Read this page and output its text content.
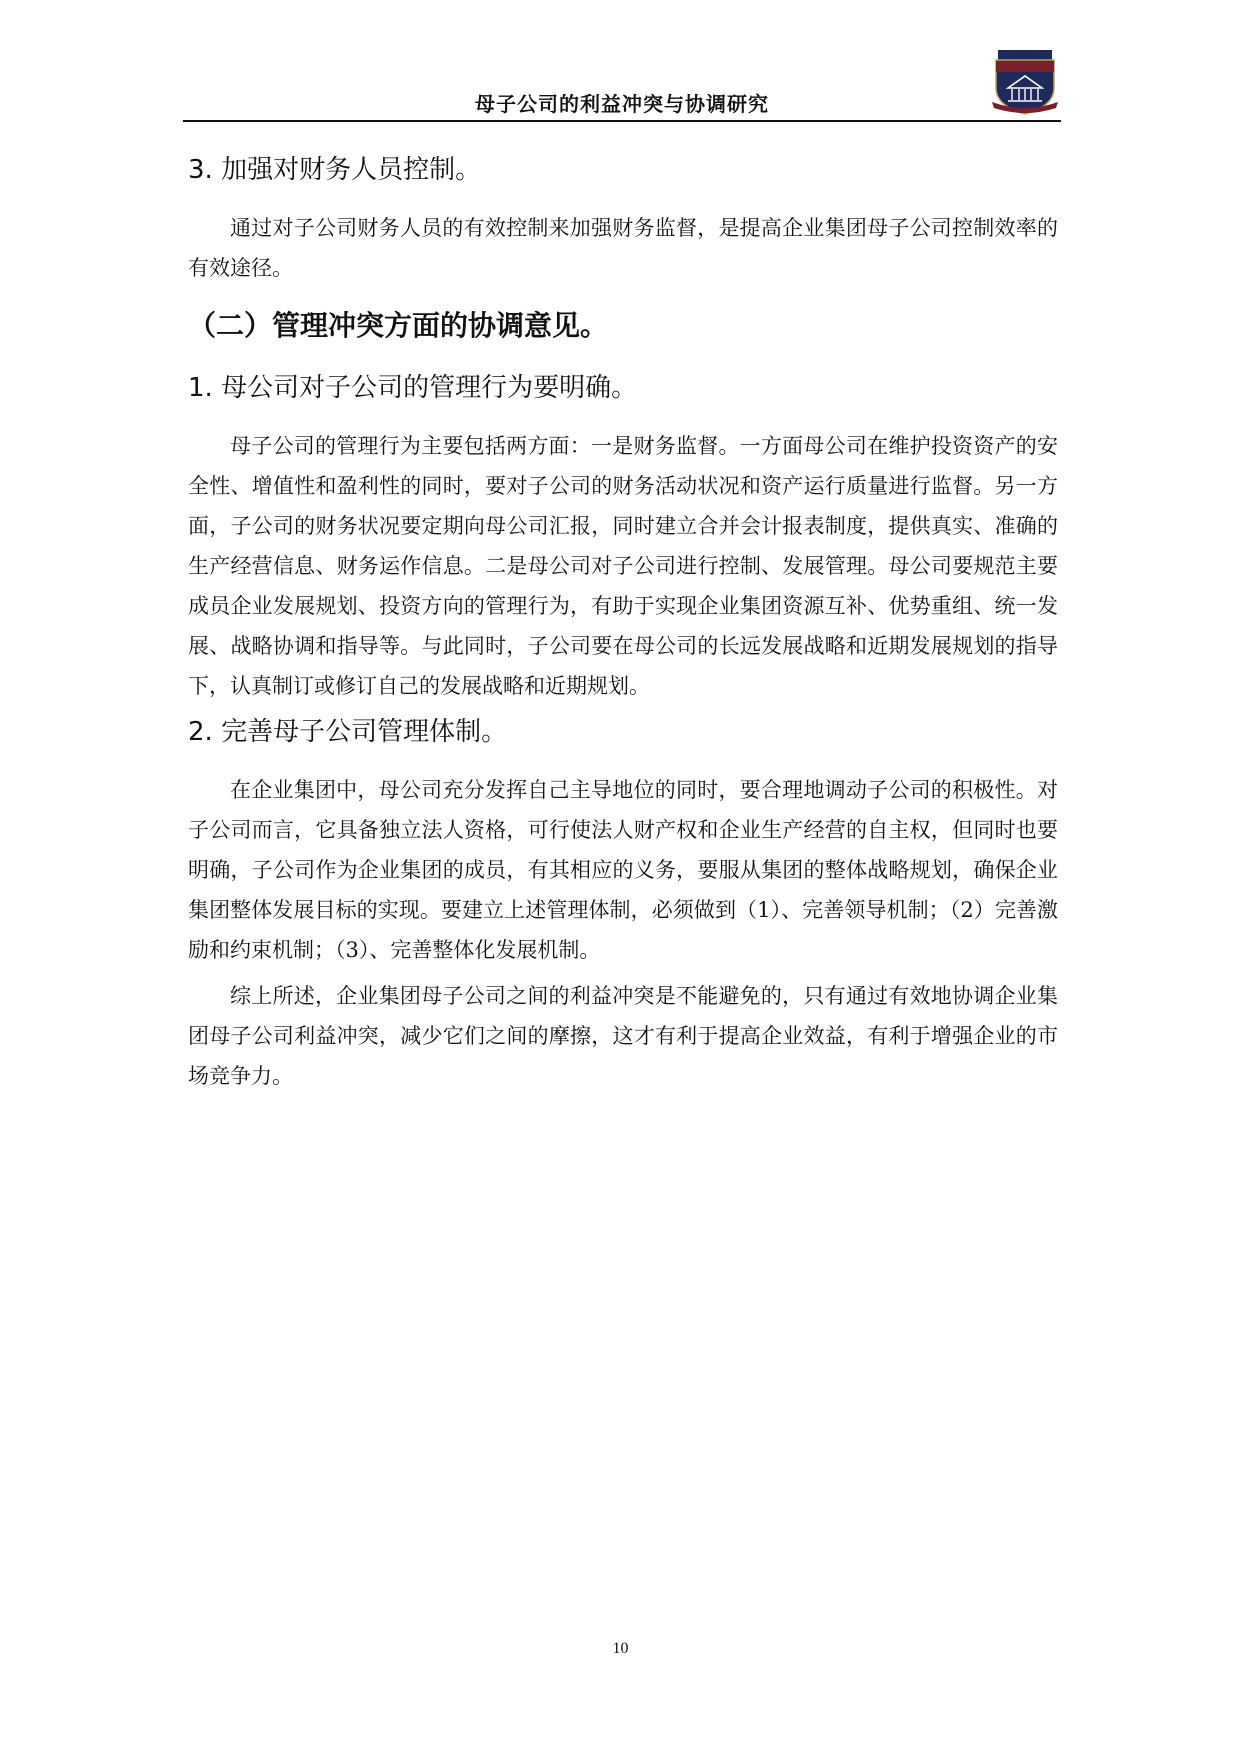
母子公司的利益冲突与协调研究

3. 加强对财务人员控制。

通过对子公司财务人员的有效控制来加强财务监督，是提高企业集团母子公司控制效率的有效途径。

（二）管理冲突方面的协调意见。

1. 母公司对子公司的管理行为要明确。

母子公司的管理行为主要包括两方面：一是财务监督。一方面母公司在维护投资资产的安全性、增值性和盈利性的同时，要对子公司的财务活动状况和资产运行质量进行监督。另一方面，子公司的财务状况要定期向母公司汇报，同时建立合并会计报表制度，提供真实、准确的生产经营信息、财务运作信息。二是母公司对子公司进行控制、发展管理。母公司要规范主要成员企业发展规划、投资方向的管理行为，有助于实现企业集团资源互补、优势重组、统一发展、战略协调和指导等。与此同时，子公司要在母公司的长远发展战略和近期发展规划的指导下，认真制订或修订自己的发展战略和近期规划。

2. 完善母子公司管理体制。

在企业集团中，母公司充分发挥自己主导地位的同时，要合理地调动子公司的积极性。对子公司而言，它具备独立法人资格，可行使法人财产权和企业生产经营的自主权，但同时也要明确，子公司作为企业集团的成员，有其相应的义务，要服从集团的整体战略规划，确保企业集团整体发展目标的实现。要建立上述管理体制，必须做到（1）、完善领导机制；（2）完善激励和约束机制；（3）、完善整体化发展机制。

综上所述，企业集团母子公司之间的利益冲突是不能避免的，只有通过有效地协调企业集团母子公司利益冲突，减少它们之间的摩擦，这才有利于提高企业效益，有利于增强企业的市场竞争力。

10
